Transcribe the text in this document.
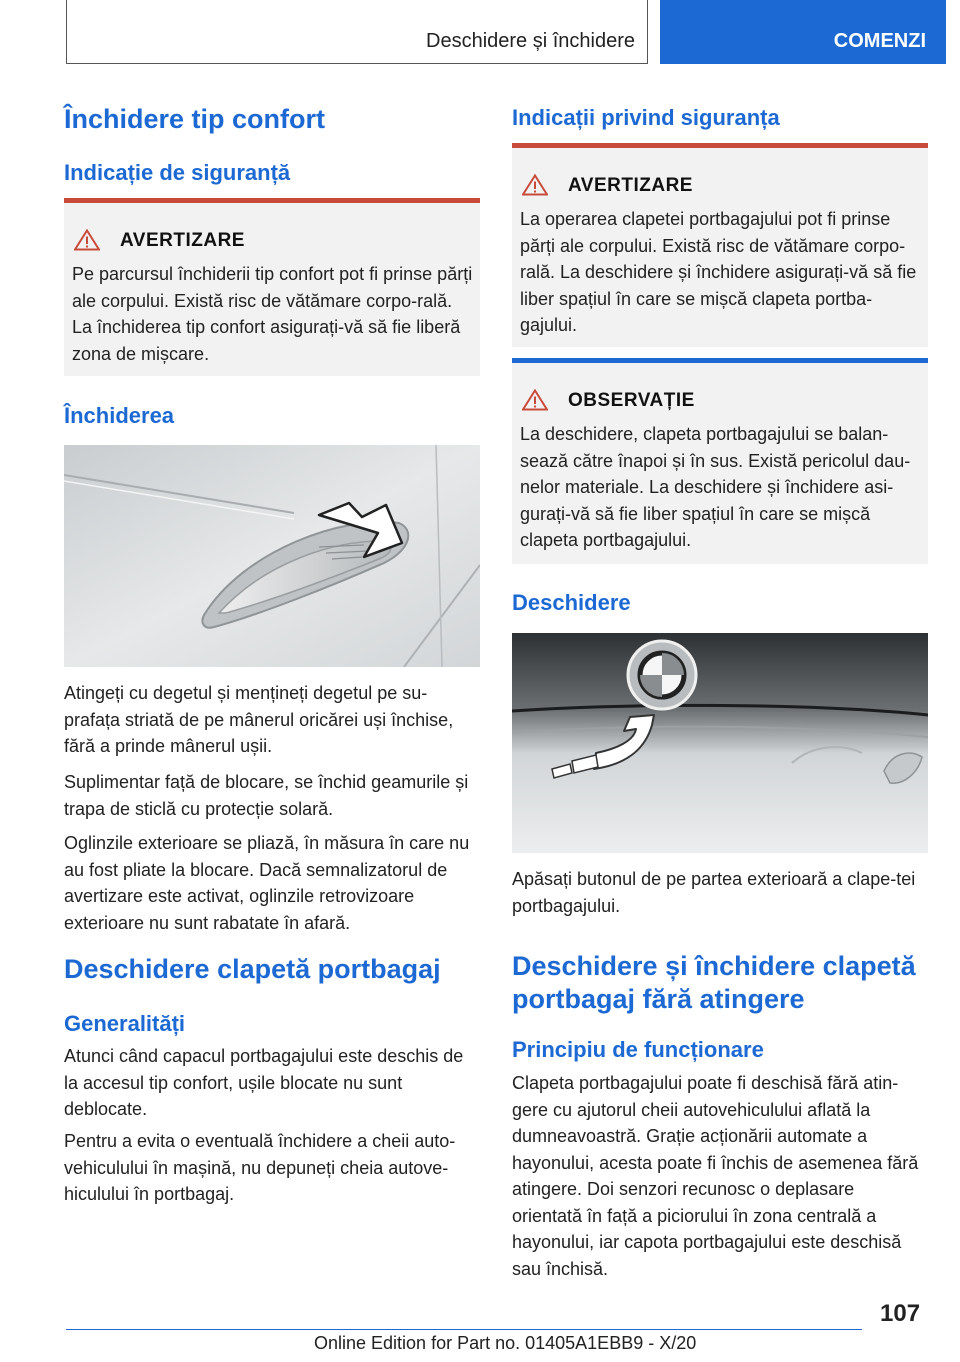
Deschidere și închidere	COMENZI
Închidere tip confort
Indicație de siguranță
AVERTIZARE
Pe parcursul închiderii tip confort pot fi prinse părți ale corpului. Există risc de vătămare corpo-rală. La închiderea tip confort asigurați-vă să fie liberă zona de mișcare.
Închiderea
Atingeți cu degetul și mențineți degetul pe su-prafața striată de pe mânerul oricărei uși închise, fără a prinde mânerul ușii.
Suplimentar față de blocare, se închid geamurile și trapa de sticlă cu protecție solară.
Oglinzile exterioare se pliază, în măsura în care nu au fost pliate la blocare. Dacă semnalizatorul de avertizare este activat, oglinzile retrovizoare exterioare nu sunt rabatate în afară.
Deschidere clapetă portbagaj
Generalități
Atunci când capacul portbagajului este deschis de la accesul tip confort, ușile blocate nu sunt deblocate.
Pentru a evita o eventuală închidere a cheii auto-vehiculului în mașină, nu depuneți cheia autove-hiculului în portbagaj.
Indicații privind siguranța
AVERTIZARE
La operarea clapetei portbagajului pot fi prinse părți ale corpului. Există risc de vătămare corpo-rală. La deschidere și închidere asigurați-vă să fie liber spațiul în care se mișcă clapeta portba-gajului.
OBSERVAȚIE
La deschidere, clapeta portbagajului se balan-sează către înapoi și în sus. Există pericolul dau-nelor materiale. La deschidere și închidere asi-gurați-vă să fie liber spațiul în care se mișcă clapeta portbagajului.
Deschidere
Apăsați butonul de pe partea exterioară a clape-tei portbagajului.
Deschidere și închidere clapetă portbagaj fără atingere
Principiu de funcționare
Clapeta portbagajului poate fi deschisă fără atin-gere cu ajutorul cheii autovehiculului aflată la dumneavoastră. Grație acționării automate a hayonului, acesta poate fi închis de asemenea fără atingere. Doi senzori recunosc o deplasare orientată în față a piciorului în zona centrală a hayonului, iar capota portbagajului este deschisă sau închisă.
107
Online Edition for Part no. 01405A1EBB9 - X/20
